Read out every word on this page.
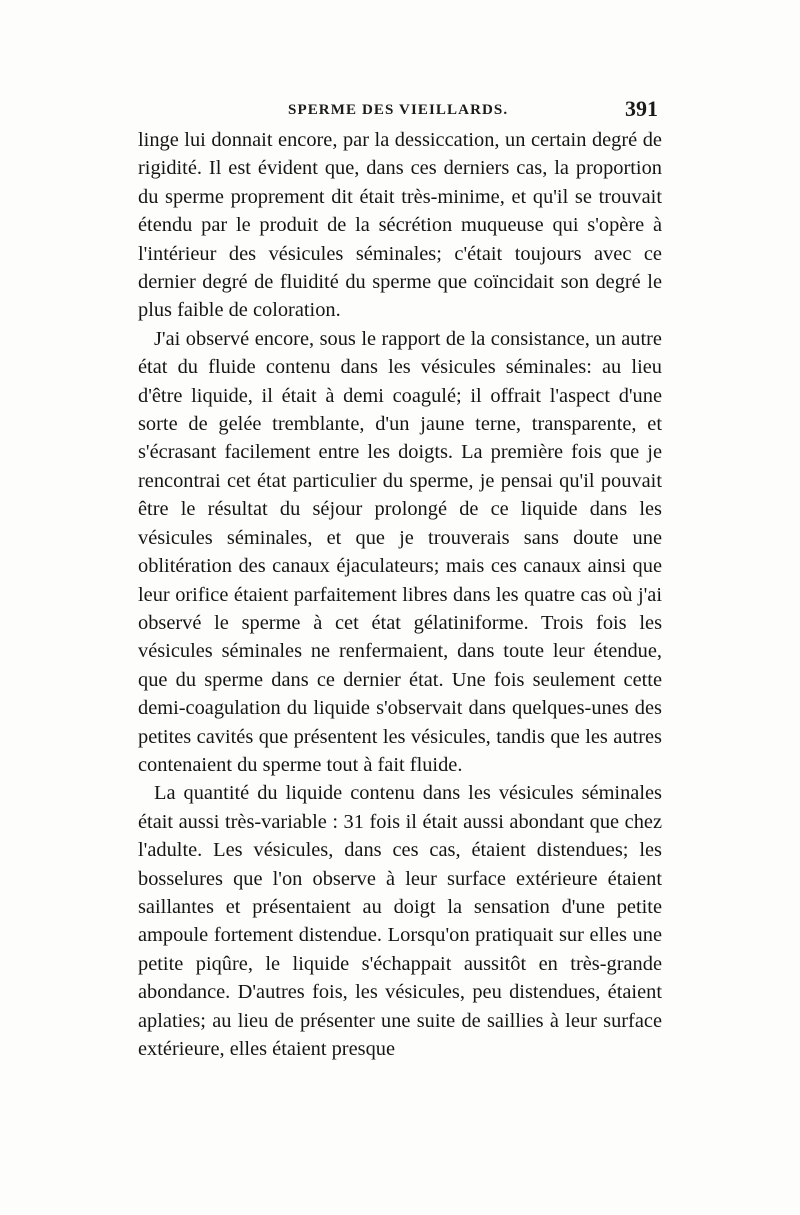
SPERME DES VIEILLARDS.	391

linge lui donnait encore, par la dessiccation, un certain degré de rigidité. Il est évident que, dans ces derniers cas, la proportion du sperme proprement dit était très-minime, et qu'il se trouvait étendu par le produit de la sécrétion muqueuse qui s'opère à l'intérieur des vésicules séminales; c'était toujours avec ce dernier degré de fluidité du sperme que coïncidait son degré le plus faible de coloration.

J'ai observé encore, sous le rapport de la consistance, un autre état du fluide contenu dans les vésicules séminales: au lieu d'être liquide, il était à demi coagulé; il offrait l'aspect d'une sorte de gelée tremblante, d'un jaune terne, transparente, et s'écrasant facilement entre les doigts. La première fois que je rencontrai cet état particulier du sperme, je pensai qu'il pouvait être le résultat du séjour prolongé de ce liquide dans les vésicules séminales, et que je trouverais sans doute une oblitération des canaux éjaculateurs; mais ces canaux ainsi que leur orifice étaient parfaitement libres dans les quatre cas où j'ai observé le sperme à cet état gélatiniforme. Trois fois les vésicules séminales ne renfermaient, dans toute leur étendue, que du sperme dans ce dernier état. Une fois seulement cette demi-coagulation du liquide s'observait dans quelques-unes des petites cavités que présentent les vésicules, tandis que les autres contenaient du sperme tout à fait fluide.

La quantité du liquide contenu dans les vésicules séminales était aussi très-variable : 31 fois il était aussi abondant que chez l'adulte. Les vésicules, dans ces cas, étaient distendues; les bosselures que l'on observe à leur surface extérieure étaient saillantes et présentaient au doigt la sensation d'une petite ampoule fortement distendue. Lorsqu'on pratiquait sur elles une petite piqûre, le liquide s'échappait aussitôt en très-grande abondance. D'autres fois, les vésicules, peu distendues, étaient aplaties; au lieu de présenter une suite de saillies à leur surface extérieure, elles étaient presque
